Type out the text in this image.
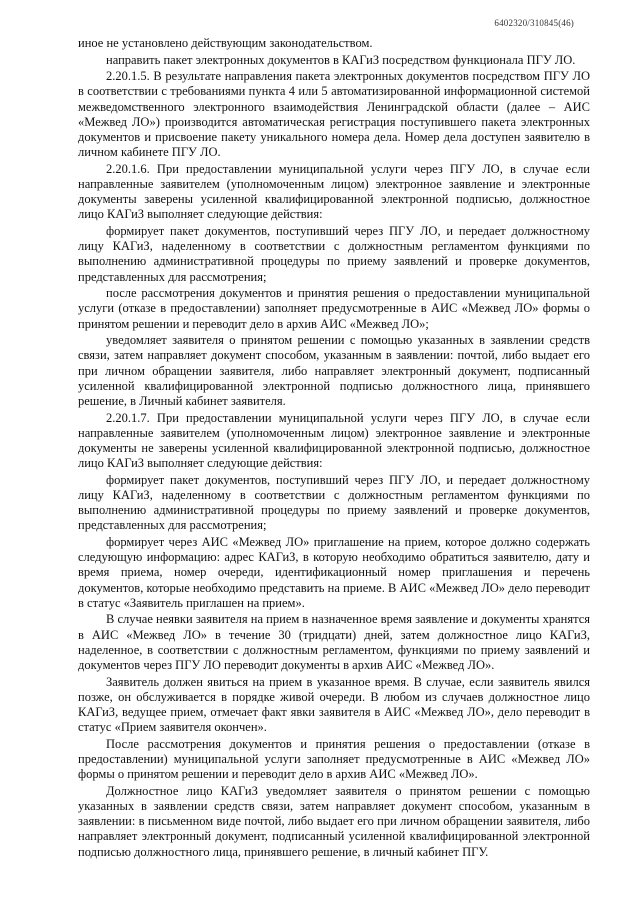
6402320/310845(46)

иное не установлено действующим законодательством.

направить пакет электронных документов в КАГиЗ посредством функционала ПГУ ЛО.

2.20.1.5. В результате направления пакета электронных документов посредством ПГУ ЛО в соответствии с требованиями пункта 4 или 5 автоматизированной информационной системой межведомственного электронного взаимодействия Ленинградской области (далее – АИС «Межвед ЛО») производится автоматическая регистрация поступившего пакета электронных документов и присвоение пакету уникального номера дела. Номер дела доступен заявителю в личном кабинете ПГУ ЛО.

2.20.1.6. При предоставлении муниципальной услуги через ПГУ ЛО, в случае если направленные заявителем (уполномоченным лицом) электронное заявление и электронные документы заверены усиленной квалифицированной электронной подписью, должностное лицо КАГиЗ выполняет следующие действия:

формирует пакет документов, поступивший через ПГУ ЛО, и передает должностному лицу КАГиЗ, наделенному в соответствии с должностным регламентом функциями по выполнению административной процедуры по приему заявлений и проверке документов, представленных для рассмотрения;

после рассмотрения документов и принятия решения о предоставлении муниципальной услуги (отказе в предоставлении) заполняет предусмотренные в АИС «Межвед ЛО» формы о принятом решении и переводит дело в архив АИС «Межвед ЛО»;

уведомляет заявителя о принятом решении с помощью указанных в заявлении средств связи, затем направляет документ способом, указанным в заявлении: почтой, либо выдает его при личном обращении заявителя, либо направляет электронный документ, подписанный усиленной квалифицированной электронной подписью должностного лица, принявшего решение, в Личный кабинет заявителя.

2.20.1.7. При предоставлении муниципальной услуги через ПГУ ЛО, в случае если направленные заявителем (уполномоченным лицом) электронное заявление и электронные документы не заверены усиленной квалифицированной электронной подписью, должностное лицо КАГиЗ выполняет следующие действия:

формирует пакет документов, поступивший через ПГУ ЛО, и передает должностному лицу КАГиЗ, наделенному в соответствии с должностным регламентом функциями по выполнению административной процедуры по приему заявлений и проверке документов, представленных для рассмотрения;

формирует через АИС «Межвед ЛО» приглашение на прием, которое должно содержать следующую информацию: адрес КАГиЗ, в которую необходимо обратиться заявителю, дату и время приема, номер очереди, идентификационный номер приглашения и перечень документов, которые необходимо представить на приеме. В АИС «Межвед ЛО» дело переводит в статус «Заявитель приглашен на прием».

В случае неявки заявителя на прием в назначенное время заявление и документы хранятся в АИС «Межвед ЛО» в течение 30 (тридцати) дней, затем должностное лицо КАГиЗ, наделенное, в соответствии с должностным регламентом, функциями по приему заявлений и документов через ПГУ ЛО переводит документы в архив АИС «Межвед ЛО».

Заявитель должен явиться на прием в указанное время. В случае, если заявитель явился позже, он обслуживается в порядке живой очереди. В любом из случаев должностное лицо КАГиЗ, ведущее прием, отмечает факт явки заявителя в АИС «Межвед ЛО», дело переводит в статус «Прием заявителя окончен».

После рассмотрения документов и принятия решения о предоставлении (отказе в предоставлении) муниципальной услуги заполняет предусмотренные в АИС «Межвед ЛО» формы о принятом решении и переводит дело в архив АИС «Межвед ЛО».

Должностное лицо КАГиЗ уведомляет заявителя о принятом решении с помощью указанных в заявлении средств связи, затем направляет документ способом, указанным в заявлении: в письменном виде почтой, либо выдает его при личном обращении заявителя, либо направляет электронный документ, подписанный усиленной квалифицированной электронной подписью должностного лица, принявшего решение, в личный кабинет ПГУ.
